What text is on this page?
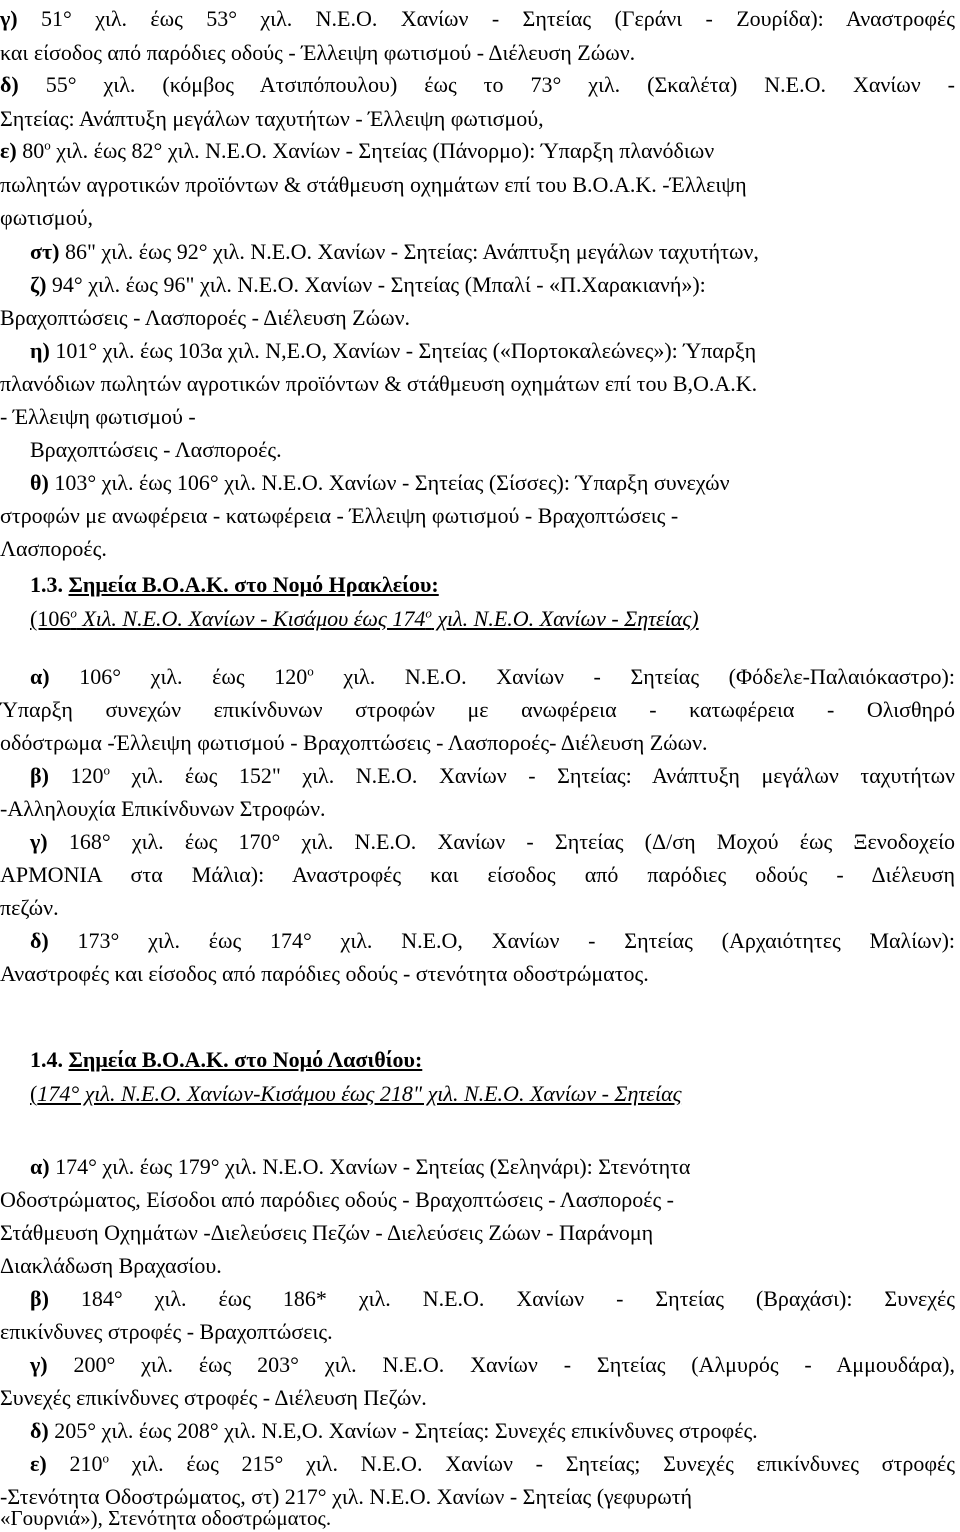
γ) 51° χιλ. έως 53° χιλ. Ν.Ε.Ο. Χανίων - Σητείας (Γεράνι - Ζουρίδα): Αναστροφές

και είσοδος από παρόδιες οδούς - Έλλειψη φωτισμού - Διέλευση Ζώων.

δ) 55° χιλ. (κόμβος Ατσιπόπουλου) έως το 73° χιλ. (Σκαλέτα) Ν.Ε.Ο. Χανίων -

Σητείας: Ανάπτυξη μεγάλων ταχυτήτων - Έλλειψη φωτισμού,

ε) $80^o$ χιλ. έως 82° χιλ. Ν.Ε.Ο. Χανίων - Σητείας (Πάνορμο): Ύπαρξη πλανόδιων

πωλητών αγροτικών προϊόντων & στάθμευση οχημάτων επί του Β.Ο.Α.Κ. -Έλλειψη

φωτισμού,

στ) 86" χιλ. έως 92° χιλ. Ν.Ε.Ο. Χανίων - Σητείας: Ανάπτυξη μεγάλων ταχυτήτων,

ζ) 94° χιλ. έως 96" χιλ. Ν.Ε.Ο. Χανίων - Σητείας (Μπαλί - «Π.Χαρακιανή»):

Βραχοπτώσεις - Λασπορoές - Διέλευση Ζώων.

η) 101° χιλ. έως 103α χιλ. Ν,Ε.Ο, Χανίων - Σητείας («Πορτοκαλεώνες»): Ύπαρξη

πλανόδιων πωλητών αγροτικών προϊόντων & στάθμευση οχημάτων επί του Β,Ο.Α.Κ.

- Έλλειψη φωτισμού -

Βραχοπτώσεις - Λασπορoές.

θ) 103° χιλ. έως 106° χιλ. Ν.Ε.Ο. Χανίων - Σητείας (Σίσσες): Ύπαρξη συνεχών

στροφών με ανωφέρεια - κατωφέρεια - Έλλειψη φωτισμού - Βραχοπτώσεις -

Λασπορoές.

1.3. Σημεία Β.Ο.Α.Κ. στο Νομό Ηρακλείου:

($106^o$ Χιλ. Ν.Ε.Ο. Χανίων - Κισάμου έως $174^o$ χιλ. Ν.Ε.Ο. Χανίων - Σητείας)

α) 106° χιλ. έως $120^o$ χιλ. Ν.Ε.Ο. Χανίων - Σητείας (Φόδελε-Παλαιόκαστρο):

Ύπαρξη συνεχών επικίνδυνων στροφών με ανωφέρεια - κατωφέρεια - Ολισθηρό

οδόστρωμα -Έλλειψη φωτισμού - Βραχοπτώσεις - Λασπορoές- Διέλευση Ζώων.

β) $120^o$ χιλ. έως 152" χιλ. Ν.Ε.Ο. Χανίων - Σητείας: Ανάπτυξη μεγάλων ταχυτήτων

-Αλληλουχία Επικίνδυνων Στροφών.

γ) 168° χιλ. έως 170° χιλ. Ν.Ε.Ο. Χανίων - Σητείας (Δ/ση Μοχού έως Ξενοδοχείο

ΑΡΜΟΝΙΑ στα Μάλια): Αναστροφές και είσοδος από παρόδιες οδούς - Διέλευση

πεζών.

δ) 173° χιλ. έως 174° χιλ. Ν.Ε.Ο, Χανίων - Σητείας (Αρχαιότητες Μαλίων):

Αναστροφές και είσοδος από παρόδιες οδούς - στενότητα οδοστρώματος.

1.4. Σημεία Β.Ο.Α.Κ. στο Νομό Λασιθίου:

(174° χιλ. Ν.Ε.Ο. Χανίων-Κισάμου έως 218" χιλ. Ν.Ε.Ο. Χανίων - Σητείας

α) 174° χιλ. έως 179° χιλ. Ν.Ε.Ο. Χανίων - Σητείας (Σεληνάρι): Στενότητα

Οδοστρώματος, Είσοδοι από παρόδιες οδούς - Βραχοπτώσεις - Λασπορoές -

Στάθμευση Οχημάτων -Διελεύσεις Πεζών - Διελεύσεις Ζώων - Παράνομη

Διακλάδωση Βραχασίου.

β) 184° χιλ. έως 186* χιλ. Ν.Ε.Ο. Χανίων - Σητείας (Βραχάσι): Συνεχές

επικίνδυνες στροφές - Βραχοπτώσεις.

γ) 200° χιλ. έως 203° χιλ. Ν.Ε.Ο. Χανίων - Σητείας (Αλμυρός - Αμμουδάρα),

Συνεχές επικίνδυνες στροφές - Διέλευση Πεζών.

δ) 205° χιλ. έως 208° χιλ. Ν.Ε,Ο. Χανίων - Σητείας: Συνεχές επικίνδυνες στροφές.

ε) $210^o$ χιλ. έως 215° χιλ. Ν.Ε.Ο. Χανίων - Σητείας; Συνεχές επικίνδυνες στροφές

-Στενότητα Οδοστρώματος, στ) 217° χιλ. Ν.Ε.Ο. Χανίων - Σητείας (γεφυρωτή

«Γουρνιά»), Στενότητα οδοστρώματος.
